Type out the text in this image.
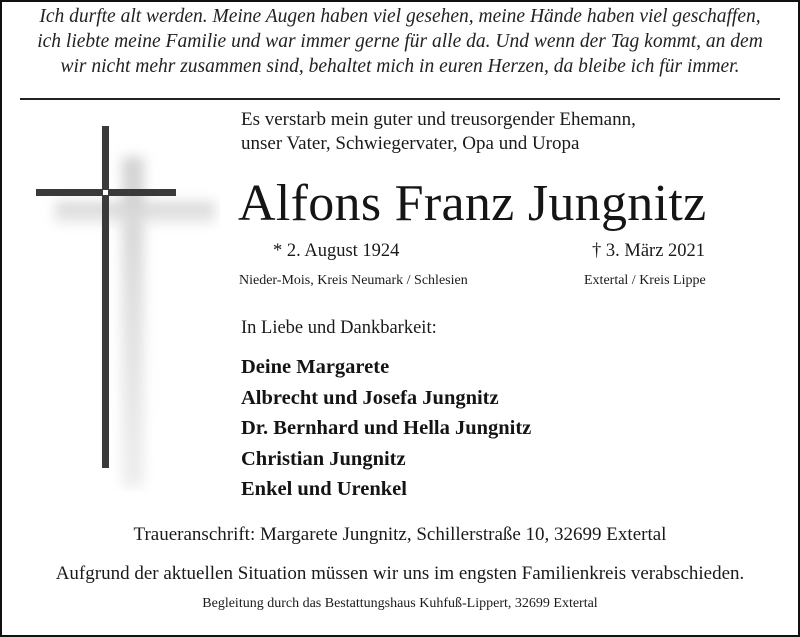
Ich durfte alt werden. Meine Augen haben viel gesehen, meine Hände haben viel geschaffen,
ich liebte meine Familie und war immer gerne für alle da. Und wenn der Tag kommt, an dem
wir nicht mehr zusammen sind, behaltet mich in euren Herzen, da bleibe ich für immer.
Es verstarb mein guter und treusorgender Ehemann,
unser Vater, Schwiegervater, Opa und Uropa
Alfons Franz Jungnitz
* 2. August 1924	† 3. März 2021
Nieder-Mois, Kreis Neumark / Schlesien	Extertal / Kreis Lippe
In Liebe und Dankbarkeit:
Deine Margarete
Albrecht und Josefa Jungnitz
Dr. Bernhard und Hella Jungnitz
Christian Jungnitz
Enkel und Urenkel
Traueranschrift: Margarete Jungnitz, Schillerstraße 10, 32699 Extertal
Aufgrund der aktuellen Situation müssen wir uns im engsten Familienkreis verabschieden.
Begleitung durch das Bestattungshaus Kuhfuß-Lippert, 32699 Extertal
